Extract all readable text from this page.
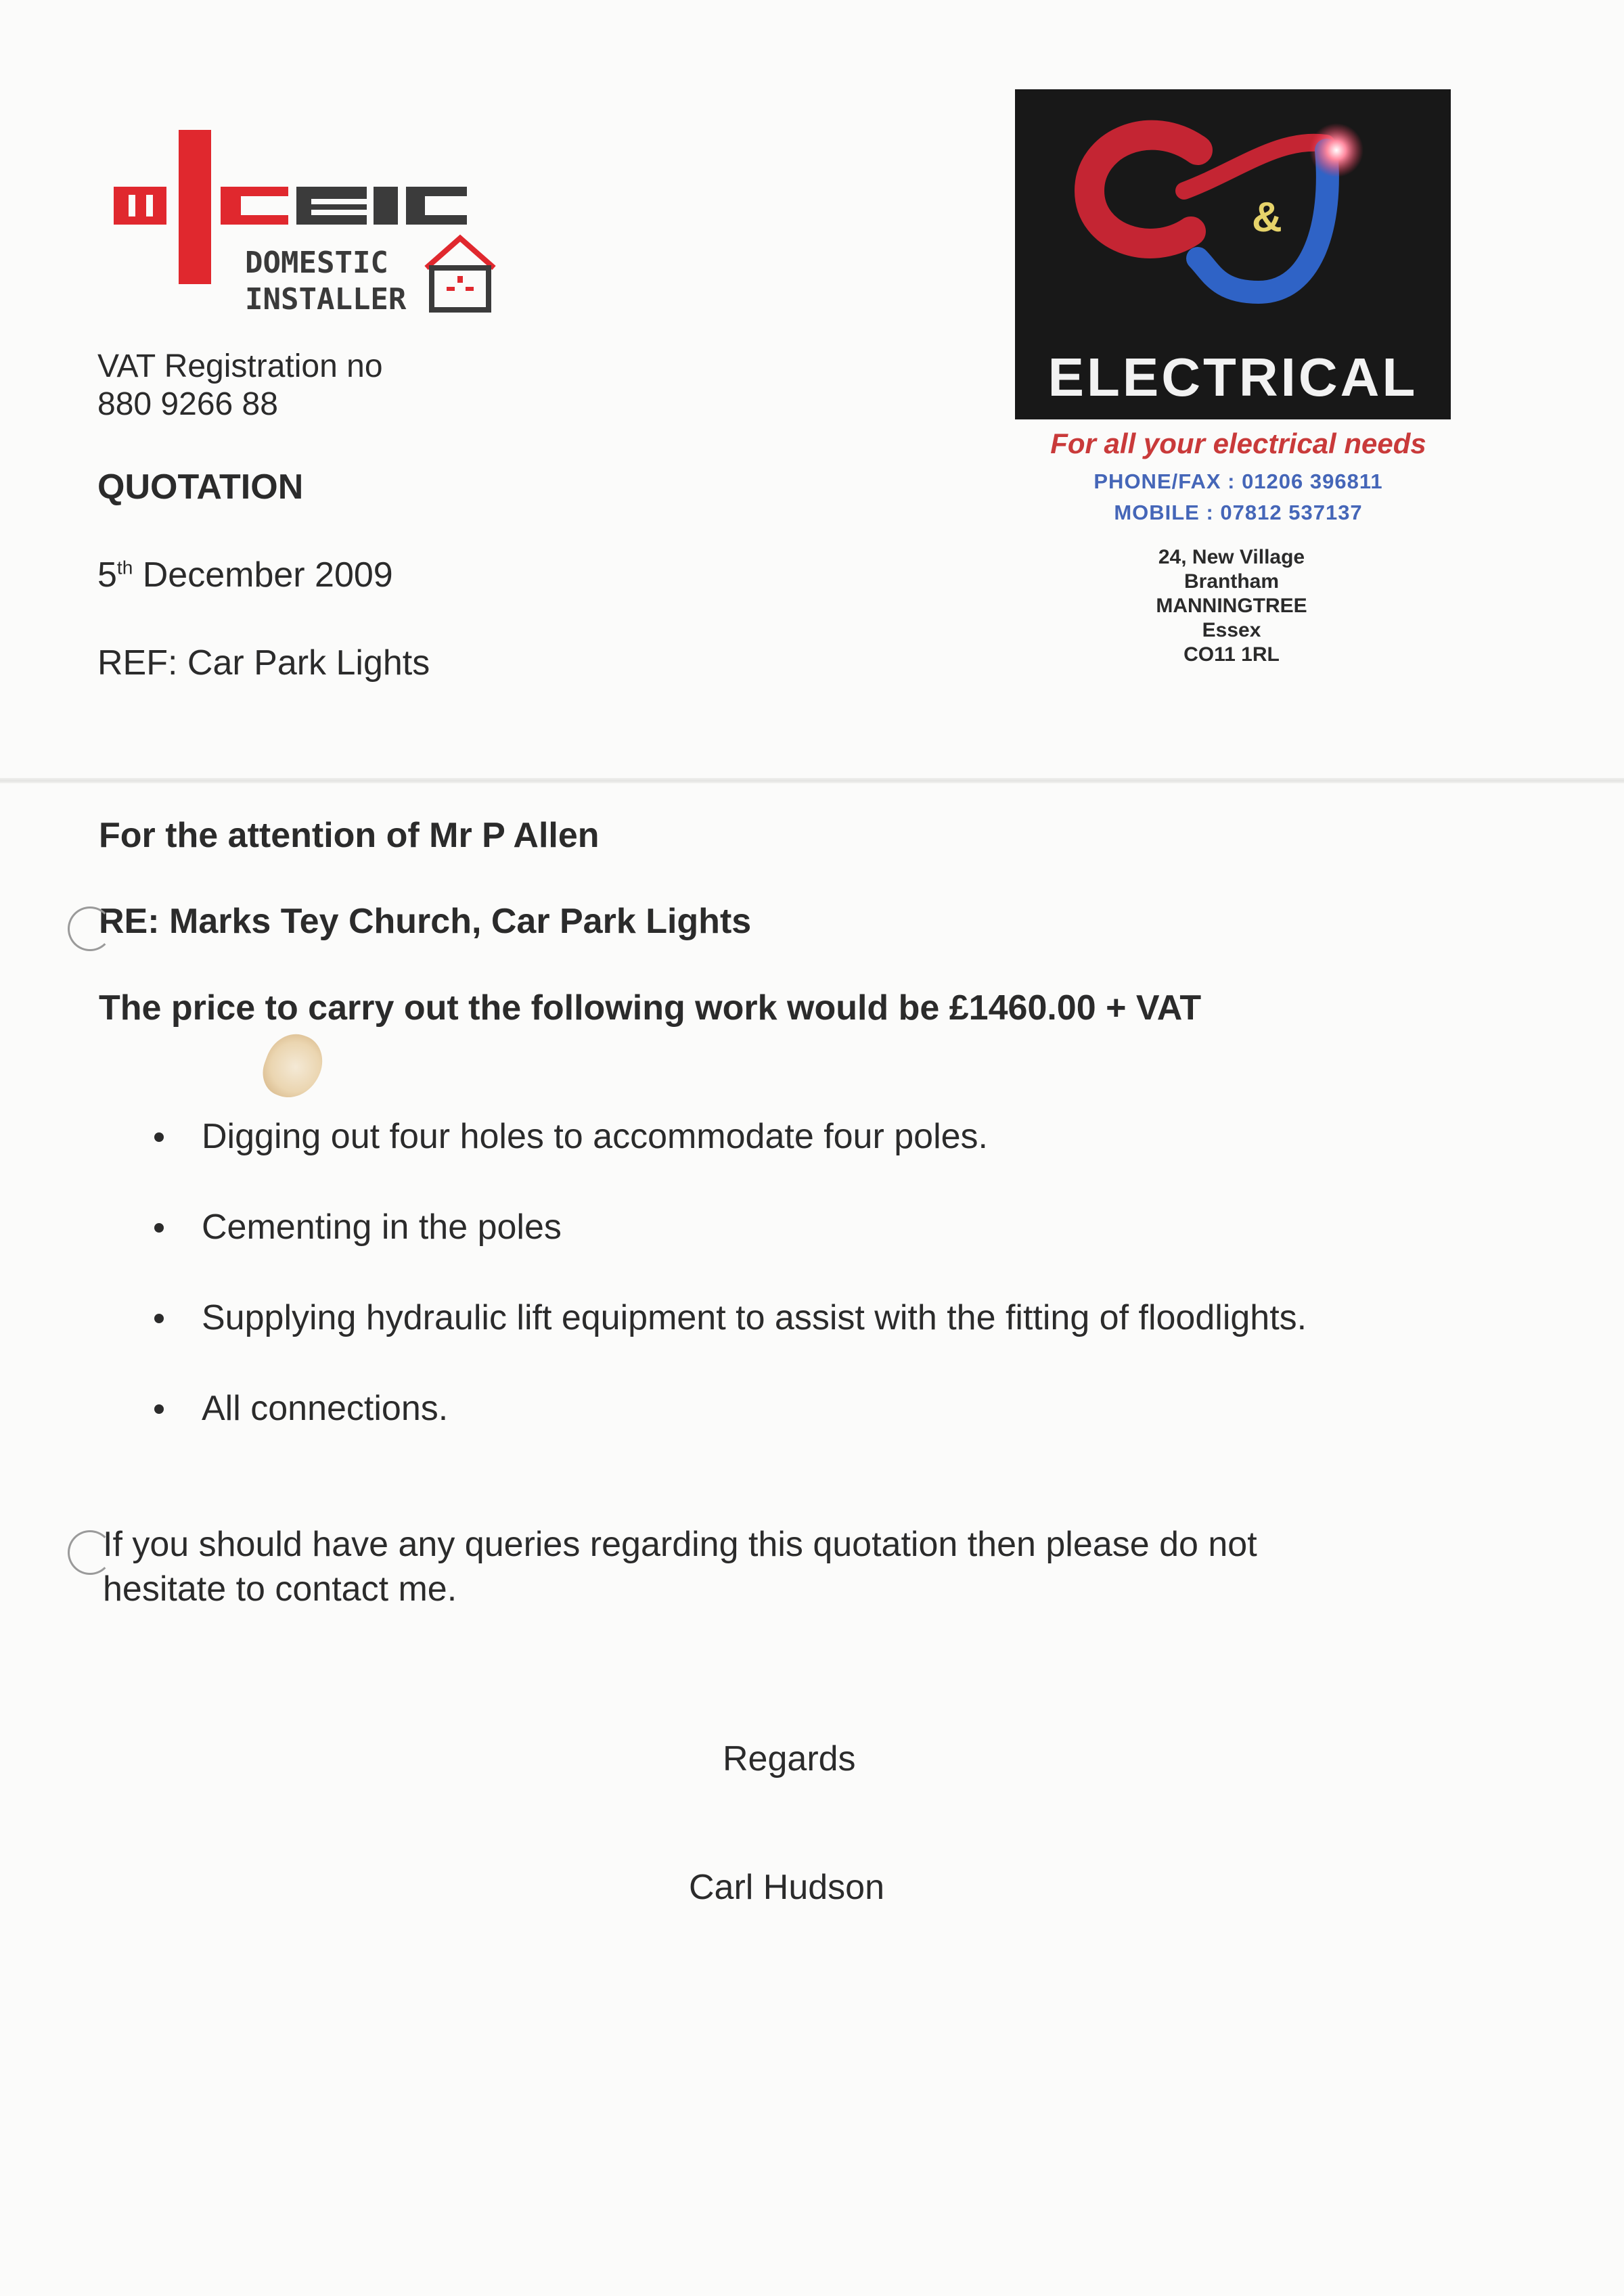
DOMESTIC
INSTALLER
&
ELECTRICAL
For all your electrical needs
PHONE/FAX : 01206 396811
MOBILE : 07812 537137
24, New Village
Brantham
MANNINGTREE
Essex
CO11 1RL
VAT Registration no
880 9266 88
QUOTATION
5th December 2009
REF: Car Park Lights
For the attention of Mr P Allen
RE: Marks Tey Church, Car Park Lights
The price to carry out the following work would be £1460.00 + VAT
Digging out four holes to accommodate four poles.
Cementing in the poles
Supplying hydraulic lift equipment to assist with the fitting of floodlights.
All connections.
If you should have any queries regarding this quotation then please do not hesitate to contact me.
Regards
Carl Hudson
